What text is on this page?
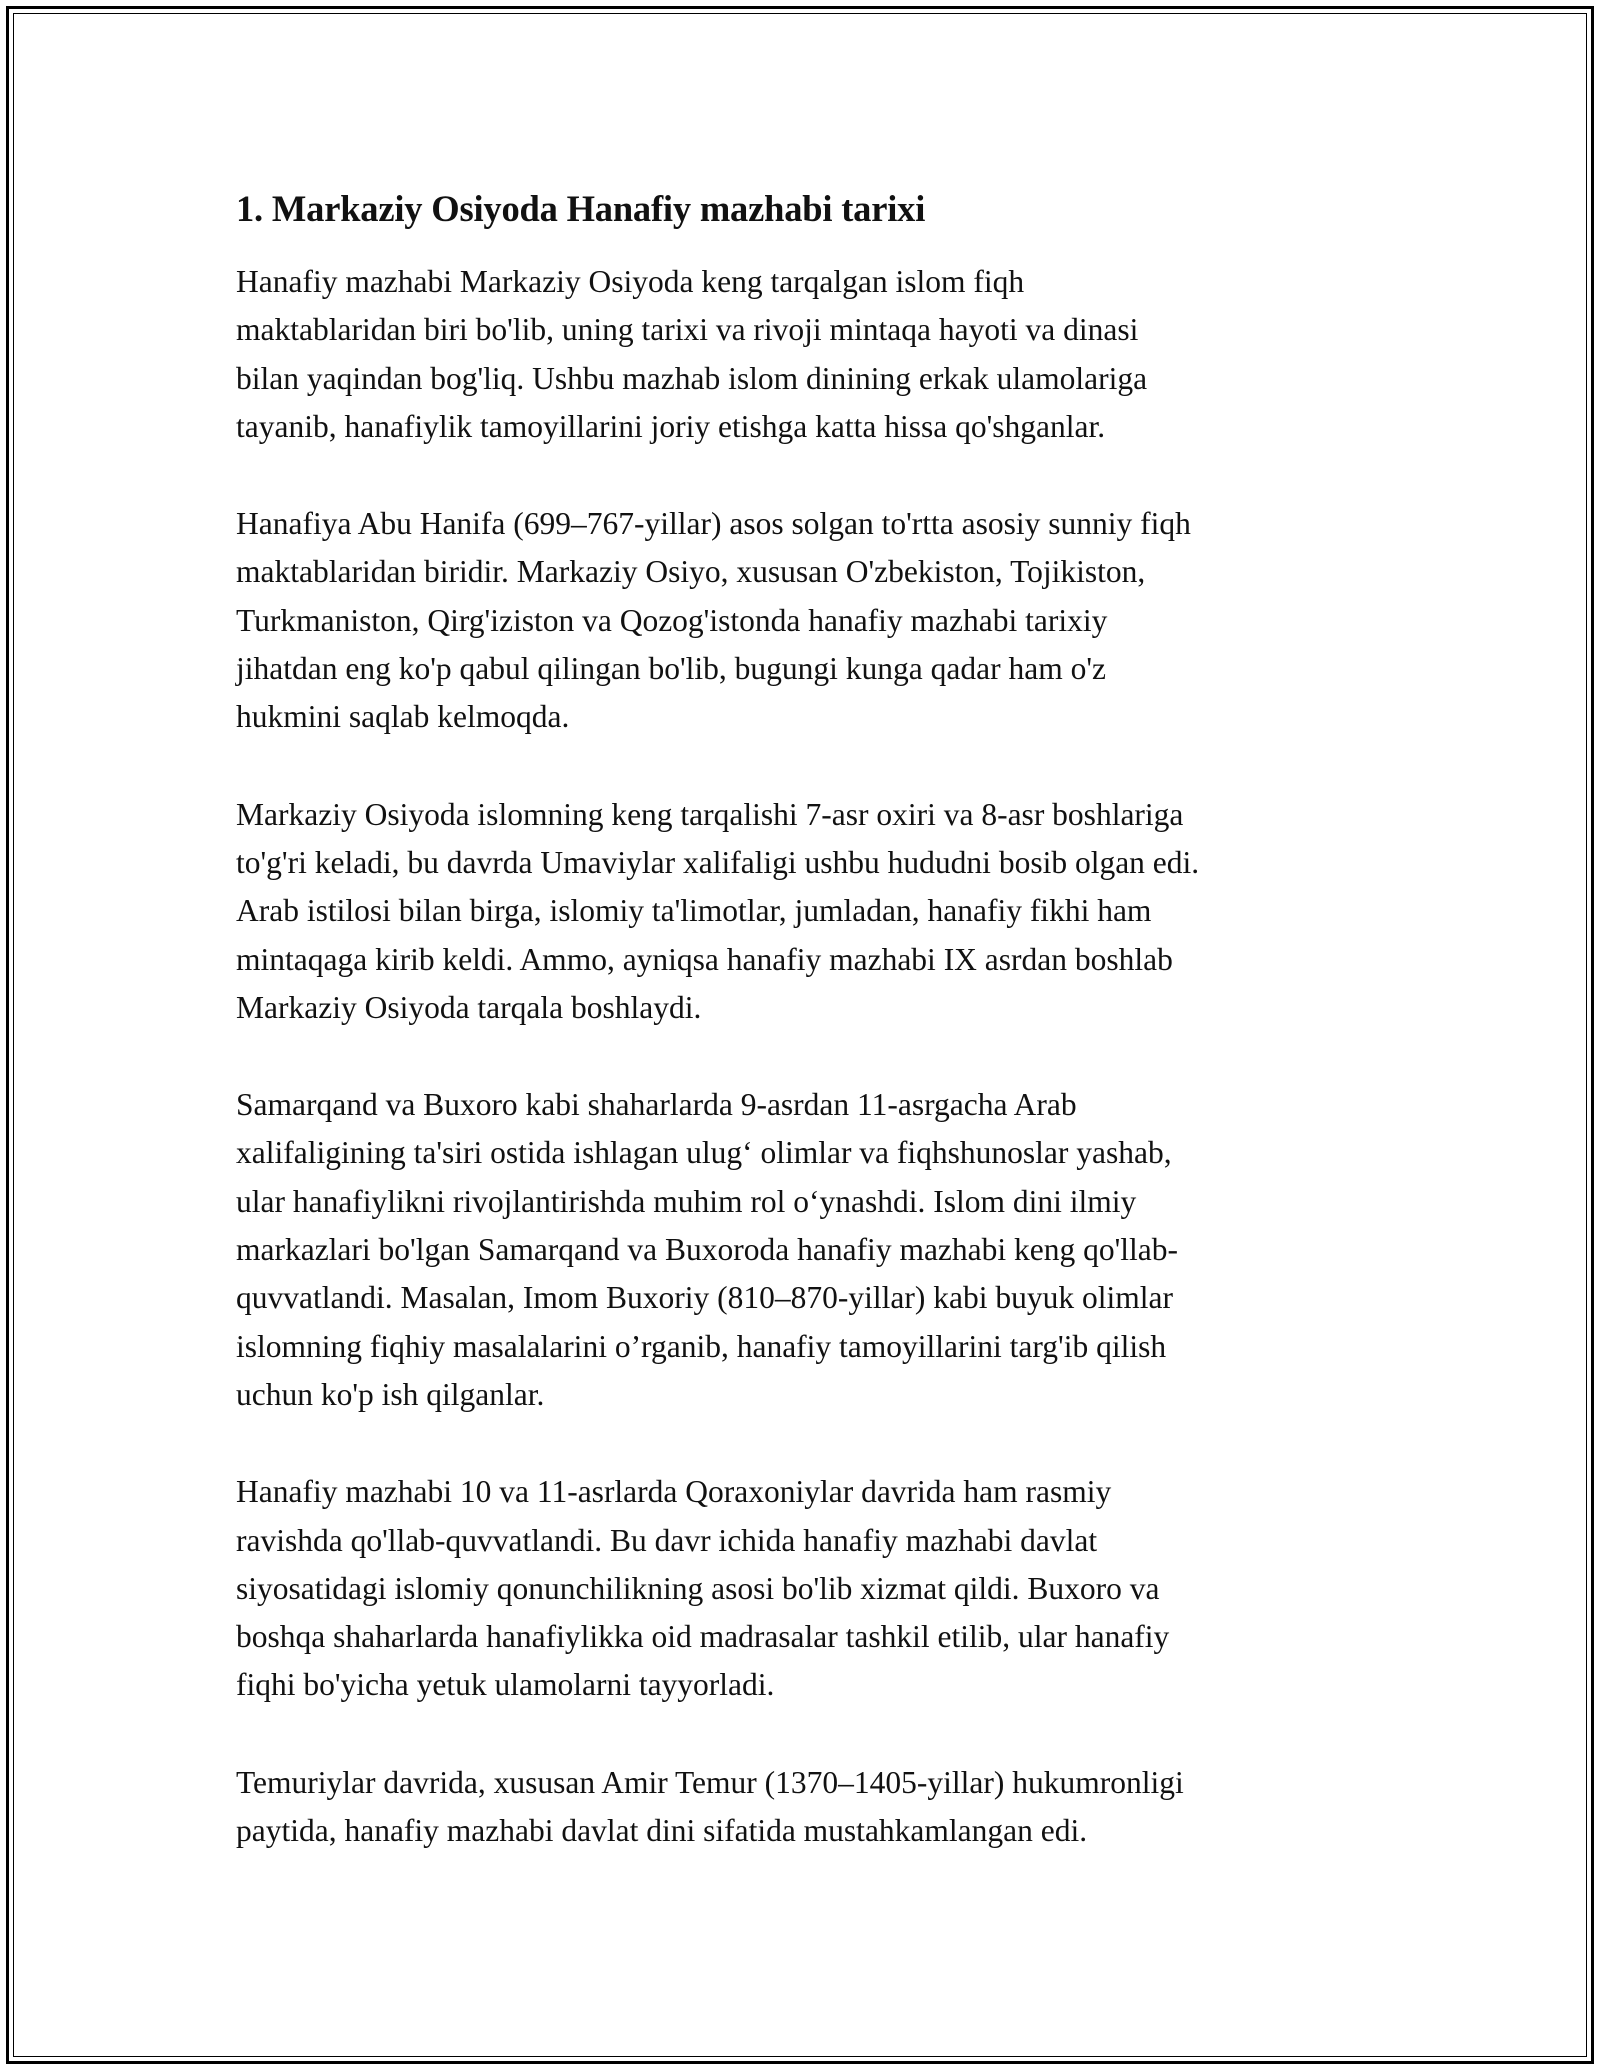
1. Markaziy Osiyoda Hanafiy mazhabi tarixi

Hanafiy mazhabi Markaziy Osiyoda keng tarqalgan islom fiqh
maktablaridan biri bo'lib, uning tarixi va rivoji mintaqa hayoti va dinasi
bilan yaqindan bog'liq. Ushbu mazhab islom dinining erkak ulamolariga
tayanib, hanafiylik tamoyillarini joriy etishga katta hissa qo'shganlar.

Hanafiya Abu Hanifa (699–767-yillar) asos solgan to'rtta asosiy sunniy fiqh
maktablaridan biridir. Markaziy Osiyo, xususan O'zbekiston, Tojikiston,
Turkmaniston, Qirg'iziston va Qozog'istonda hanafiy mazhabi tarixiy
jihatdan eng ko'p qabul qilingan bo'lib, bugungi kunga qadar ham o'z
hukmini saqlab kelmoqda.

Markaziy Osiyoda islomning keng tarqalishi 7-asr oxiri va 8-asr boshlariga
to'g'ri keladi, bu davrda Umaviylar xalifaligi ushbu hududni bosib olgan edi.
Arab istilosi bilan birga, islomiy ta'limotlar, jumladan, hanafiy fikhi ham
mintaqaga kirib keldi. Ammo, ayniqsa hanafiy mazhabi IX asrdan boshlab
Markaziy Osiyoda tarqala boshlaydi.

Samarqand va Buxoro kabi shaharlarda 9-asrdan 11-asrgacha Arab
xalifaligining ta'siri ostida ishlagan ulug‘ olimlar va fiqhshunoslar yashab,
ular hanafiylikni rivojlantirishda muhim rol o‘ynashdi. Islom dini ilmiy
markazlari bo'lgan Samarqand va Buxoroda hanafiy mazhabi keng qo'llab-
quvvatlandi. Masalan, Imom Buxoriy (810–870-yillar) kabi buyuk olimlar
islomning fiqhiy masalalarini o’rganib, hanafiy tamoyillarini targ'ib qilish
uchun ko'p ish qilganlar.

Hanafiy mazhabi 10 va 11-asrlarda Qoraxoniylar davrida ham rasmiy
ravishda qo'llab-quvvatlandi. Bu davr ichida hanafiy mazhabi davlat
siyosatidagi islomiy qonunchilikning asosi bo'lib xizmat qildi. Buxoro va
boshqa shaharlarda hanafiylikka oid madrasalar tashkil etilib, ular hanafiy
fiqhi bo'yicha yetuk ulamolarni tayyorladi.

Temuriylar davrida, xususan Amir Temur (1370–1405-yillar) hukumronligi
paytida, hanafiy mazhabi davlat dini sifatida mustahkamlangan edi.
